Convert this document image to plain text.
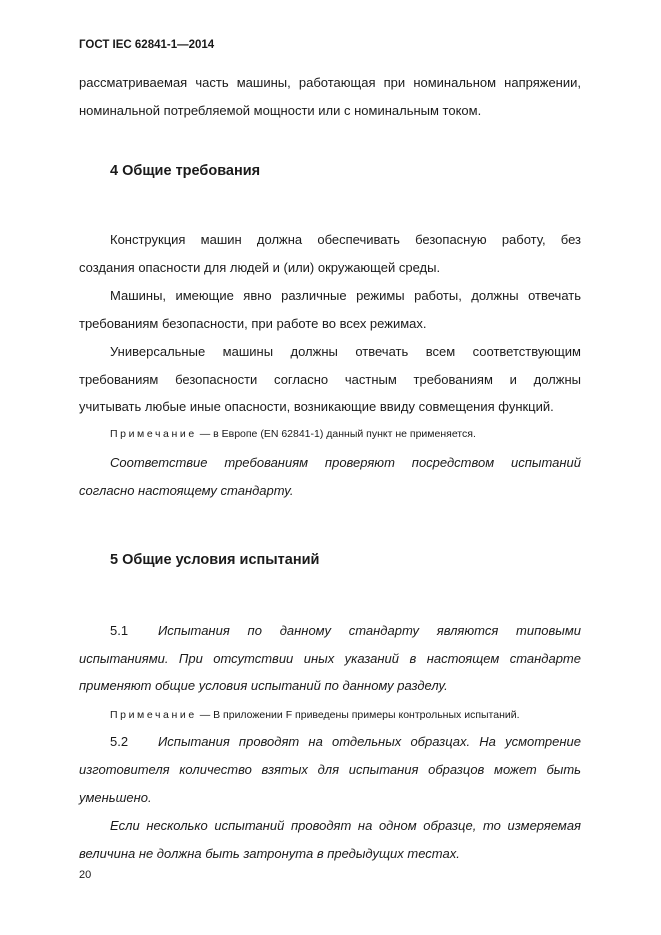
ГОСТ IEC 62841-1—2014
рассматриваемая часть машины, работающая при номинальном напряжении,
номинальной потребляемой мощности или с номинальным током.
4 Общие требования
Конструкция машин должна обеспечивать безопасную работу, без
создания опасности для людей и (или) окружающей среды.
Машины, имеющие явно различные режимы работы, должны отвечать
требованиям безопасности, при работе во всех режимах.
Универсальные машины должны отвечать всем соответствующим
требованиям безопасности согласно частным требованиям и должны
учитывать любые иные опасности, возникающие ввиду совмещения функций.
Примечание — в Европе (EN 62841-1) данный пункт не применяется.
Соответствие требованиям проверяют посредством испытаний
согласно настоящему стандарту.
5 Общие условия испытаний
5.1 Испытания по данному стандарту являются типовыми
испытаниями. При отсутствии иных указаний в настоящем стандарте
применяют общие условия испытаний по данному разделу.
Примечание — В приложении F приведены примеры контрольных испытаний.
5.2 Испытания проводят на отдельных образцах. На усмотрение
изготовителя количество взятых для испытания образцов может быть
уменьшено.
Если несколько испытаний проводят на одном образце, то измеряемая
величина не должна быть затронута в предыдущих тестах.
20
